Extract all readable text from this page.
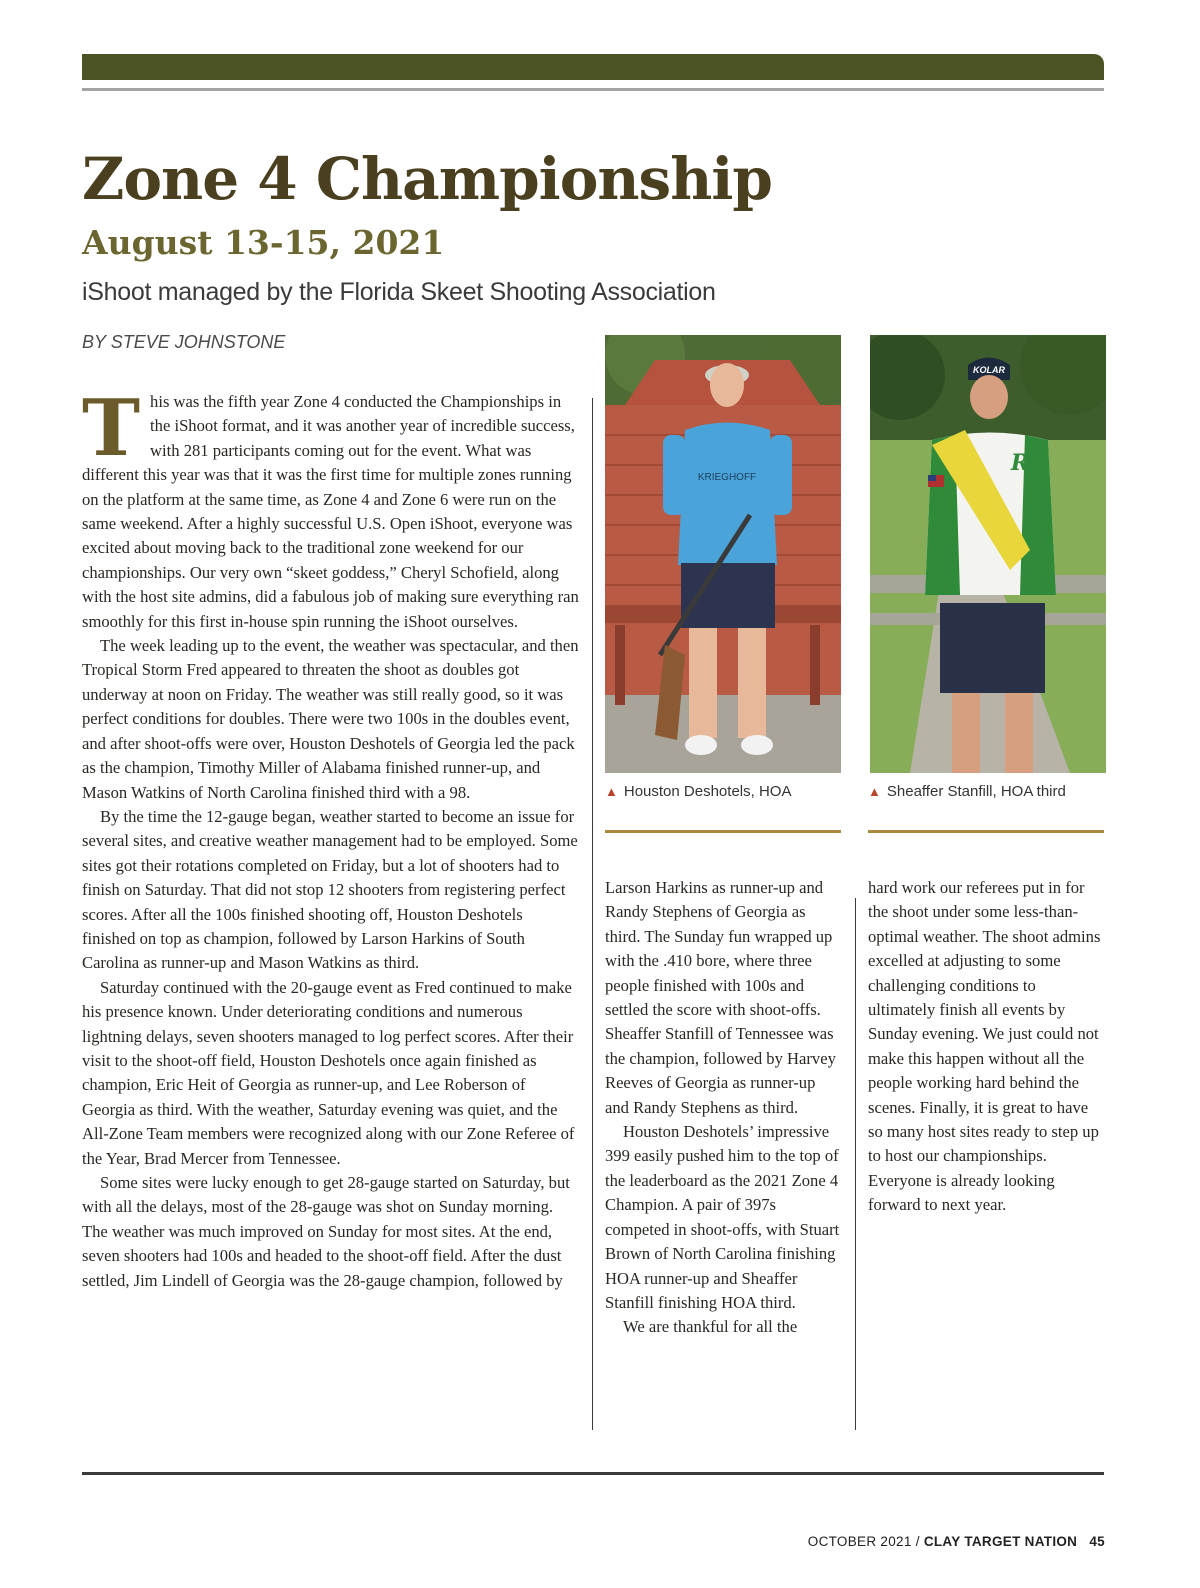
Zone 4 Championship
August 13-15, 2021
iShoot managed by the Florida Skeet Shooting Association
BY STEVE JOHNSTONE

This was the fifth year Zone 4 conducted the Championships in the iShoot format, and it was another year of incredible success, with 281 participants coming out for the event. What was different this year was that it was the first time for multiple zones running on the platform at the same time, as Zone 4 and Zone 6 were run on the same weekend. After a highly successful U.S. Open iShoot, everyone was excited about moving back to the traditional zone weekend for our championships. Our very own “skeet goddess,” Cheryl Schofield, along with the host site admins, did a fabulous job of making sure everything ran smoothly for this first in-house spin running the iShoot ourselves.

The week leading up to the event, the weather was spectacular, and then Tropical Storm Fred appeared to threaten the shoot as doubles got underway at noon on Friday. The weather was still really good, so it was perfect conditions for doubles. There were two 100s in the doubles event, and after shoot-offs were over, Houston Deshotels of Georgia led the pack as the champion, Timothy Miller of Alabama finished runner-up, and Mason Watkins of North Carolina finished third with a 98.

By the time the 12-gauge began, weather started to become an issue for several sites, and creative weather management had to be employed. Some sites got their rotations completed on Friday, but a lot of shooters had to finish on Saturday. That did not stop 12 shooters from registering perfect scores. After all the 100s finished shooting off, Houston Deshotels finished on top as champion, followed by Larson Harkins of South Carolina as runner-up and Mason Watkins as third.

Saturday continued with the 20-gauge event as Fred continued to make his presence known. Under deteriorating conditions and numerous lightning delays, seven shooters managed to log perfect scores. After their visit to the shoot-off field, Houston Deshotels once again finished as champion, Eric Heit of Georgia as runner-up, and Lee Roberson of Georgia as third. With the weather, Saturday evening was quiet, and the All-Zone Team members were recognized along with our Zone Referee of the Year, Brad Mercer from Tennessee.

Some sites were lucky enough to get 28-gauge started on Saturday, but with all the delays, most of the 28-gauge was shot on Sunday morning. The weather was much improved on Sunday for most sites. At the end, seven shooters had 100s and headed to the shoot-off field. After the dust settled, Jim Lindell of Georgia was the 28-gauge champion, followed by

KRIEGHOFF
▲ Houston Deshotels, HOA
KOLAR
R
▲ Sheaffer Stanfill, HOA third

Larson Harkins as runner-up and Randy Stephens of Georgia as third. The Sunday fun wrapped up with the .410 bore, where three people finished with 100s and settled the score with shoot-offs. Sheaffer Stanfill of Tennessee was the champion, followed by Harvey Reeves of Georgia as runner-up and Randy Stephens as third.

Houston Deshotels’ impressive 399 easily pushed him to the top of the leaderboard as the 2021 Zone 4 Champion. A pair of 397s competed in shoot-offs, with Stuart Brown of North Carolina finishing HOA runner-up and Sheaffer Stanfill finishing HOA third.

We are thankful for all the

hard work our referees put in for the shoot under some less-than-optimal weather. The shoot admins excelled at adjusting to some challenging conditions to ultimately finish all events by Sunday evening. We just could not make this happen without all the people working hard behind the scenes. Finally, it is great to have so many host sites ready to step up to host our championships. Everyone is already looking forward to next year.

OCTOBER 2021 / CLAY TARGET NATION 45
